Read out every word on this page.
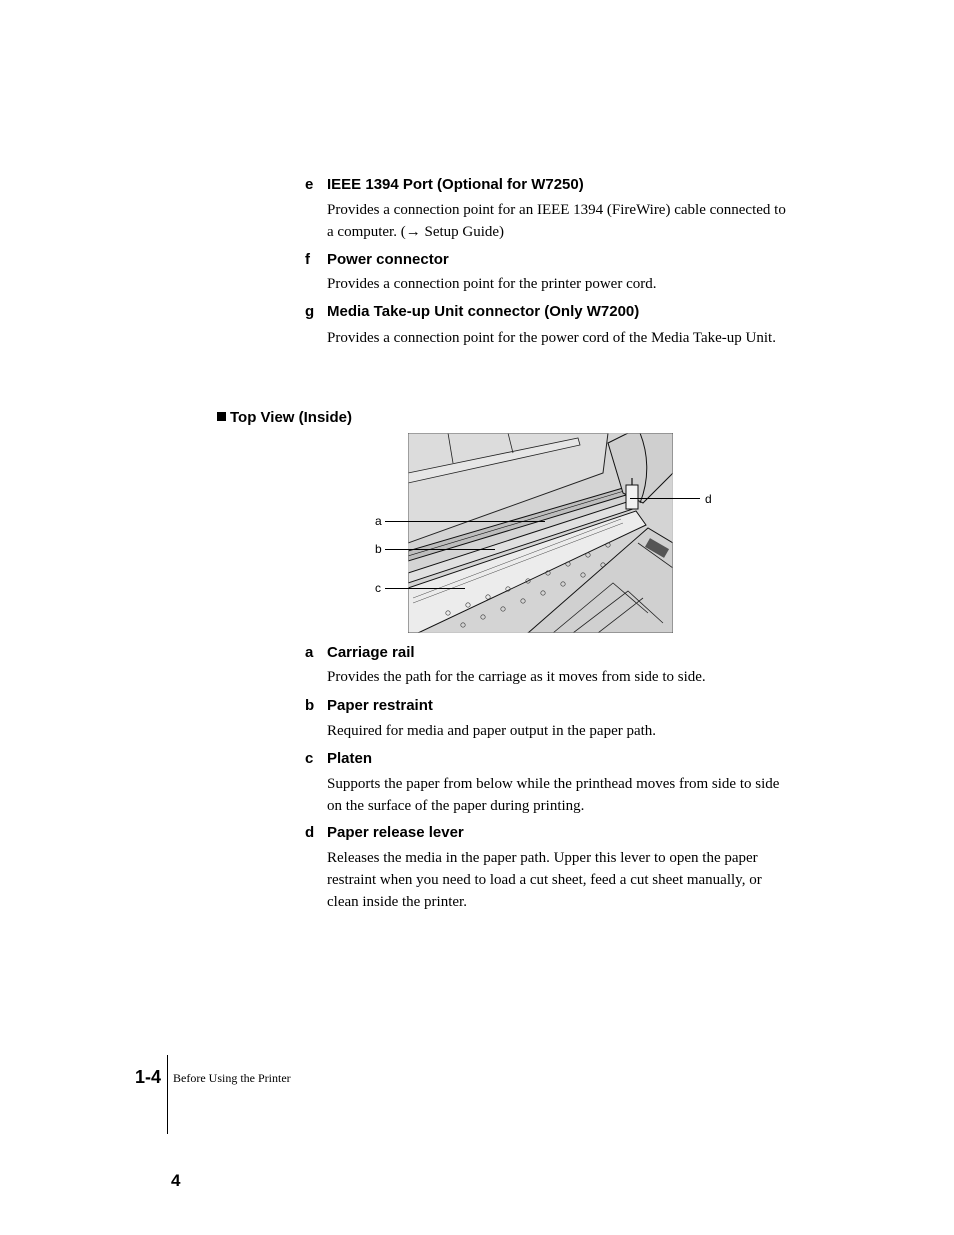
e IEEE 1394 Port (Optional for W7250)
Provides a connection point for an IEEE 1394 (FireWire) cable connected to a computer. (→ Setup Guide)
f Power connector
Provides a connection point for the printer power cord.
g Media Take-up Unit connector (Only W7200)
Provides a connection point for the power cord of the Media Take-up Unit.
Top View (Inside)
a
b
c
d
a Carriage rail
Provides the path for the carriage as it moves from side to side.
b Paper restraint
Required for media and paper output in the paper path.
c Platen
Supports the paper from below while the printhead moves from side to side on the surface of the paper during printing.
d Paper release lever
Releases the media in the paper path. Upper this lever to open the paper restraint when you need to load a cut sheet, feed a cut sheet manually, or clean inside the printer.
1-4 Before Using the Printer
4
